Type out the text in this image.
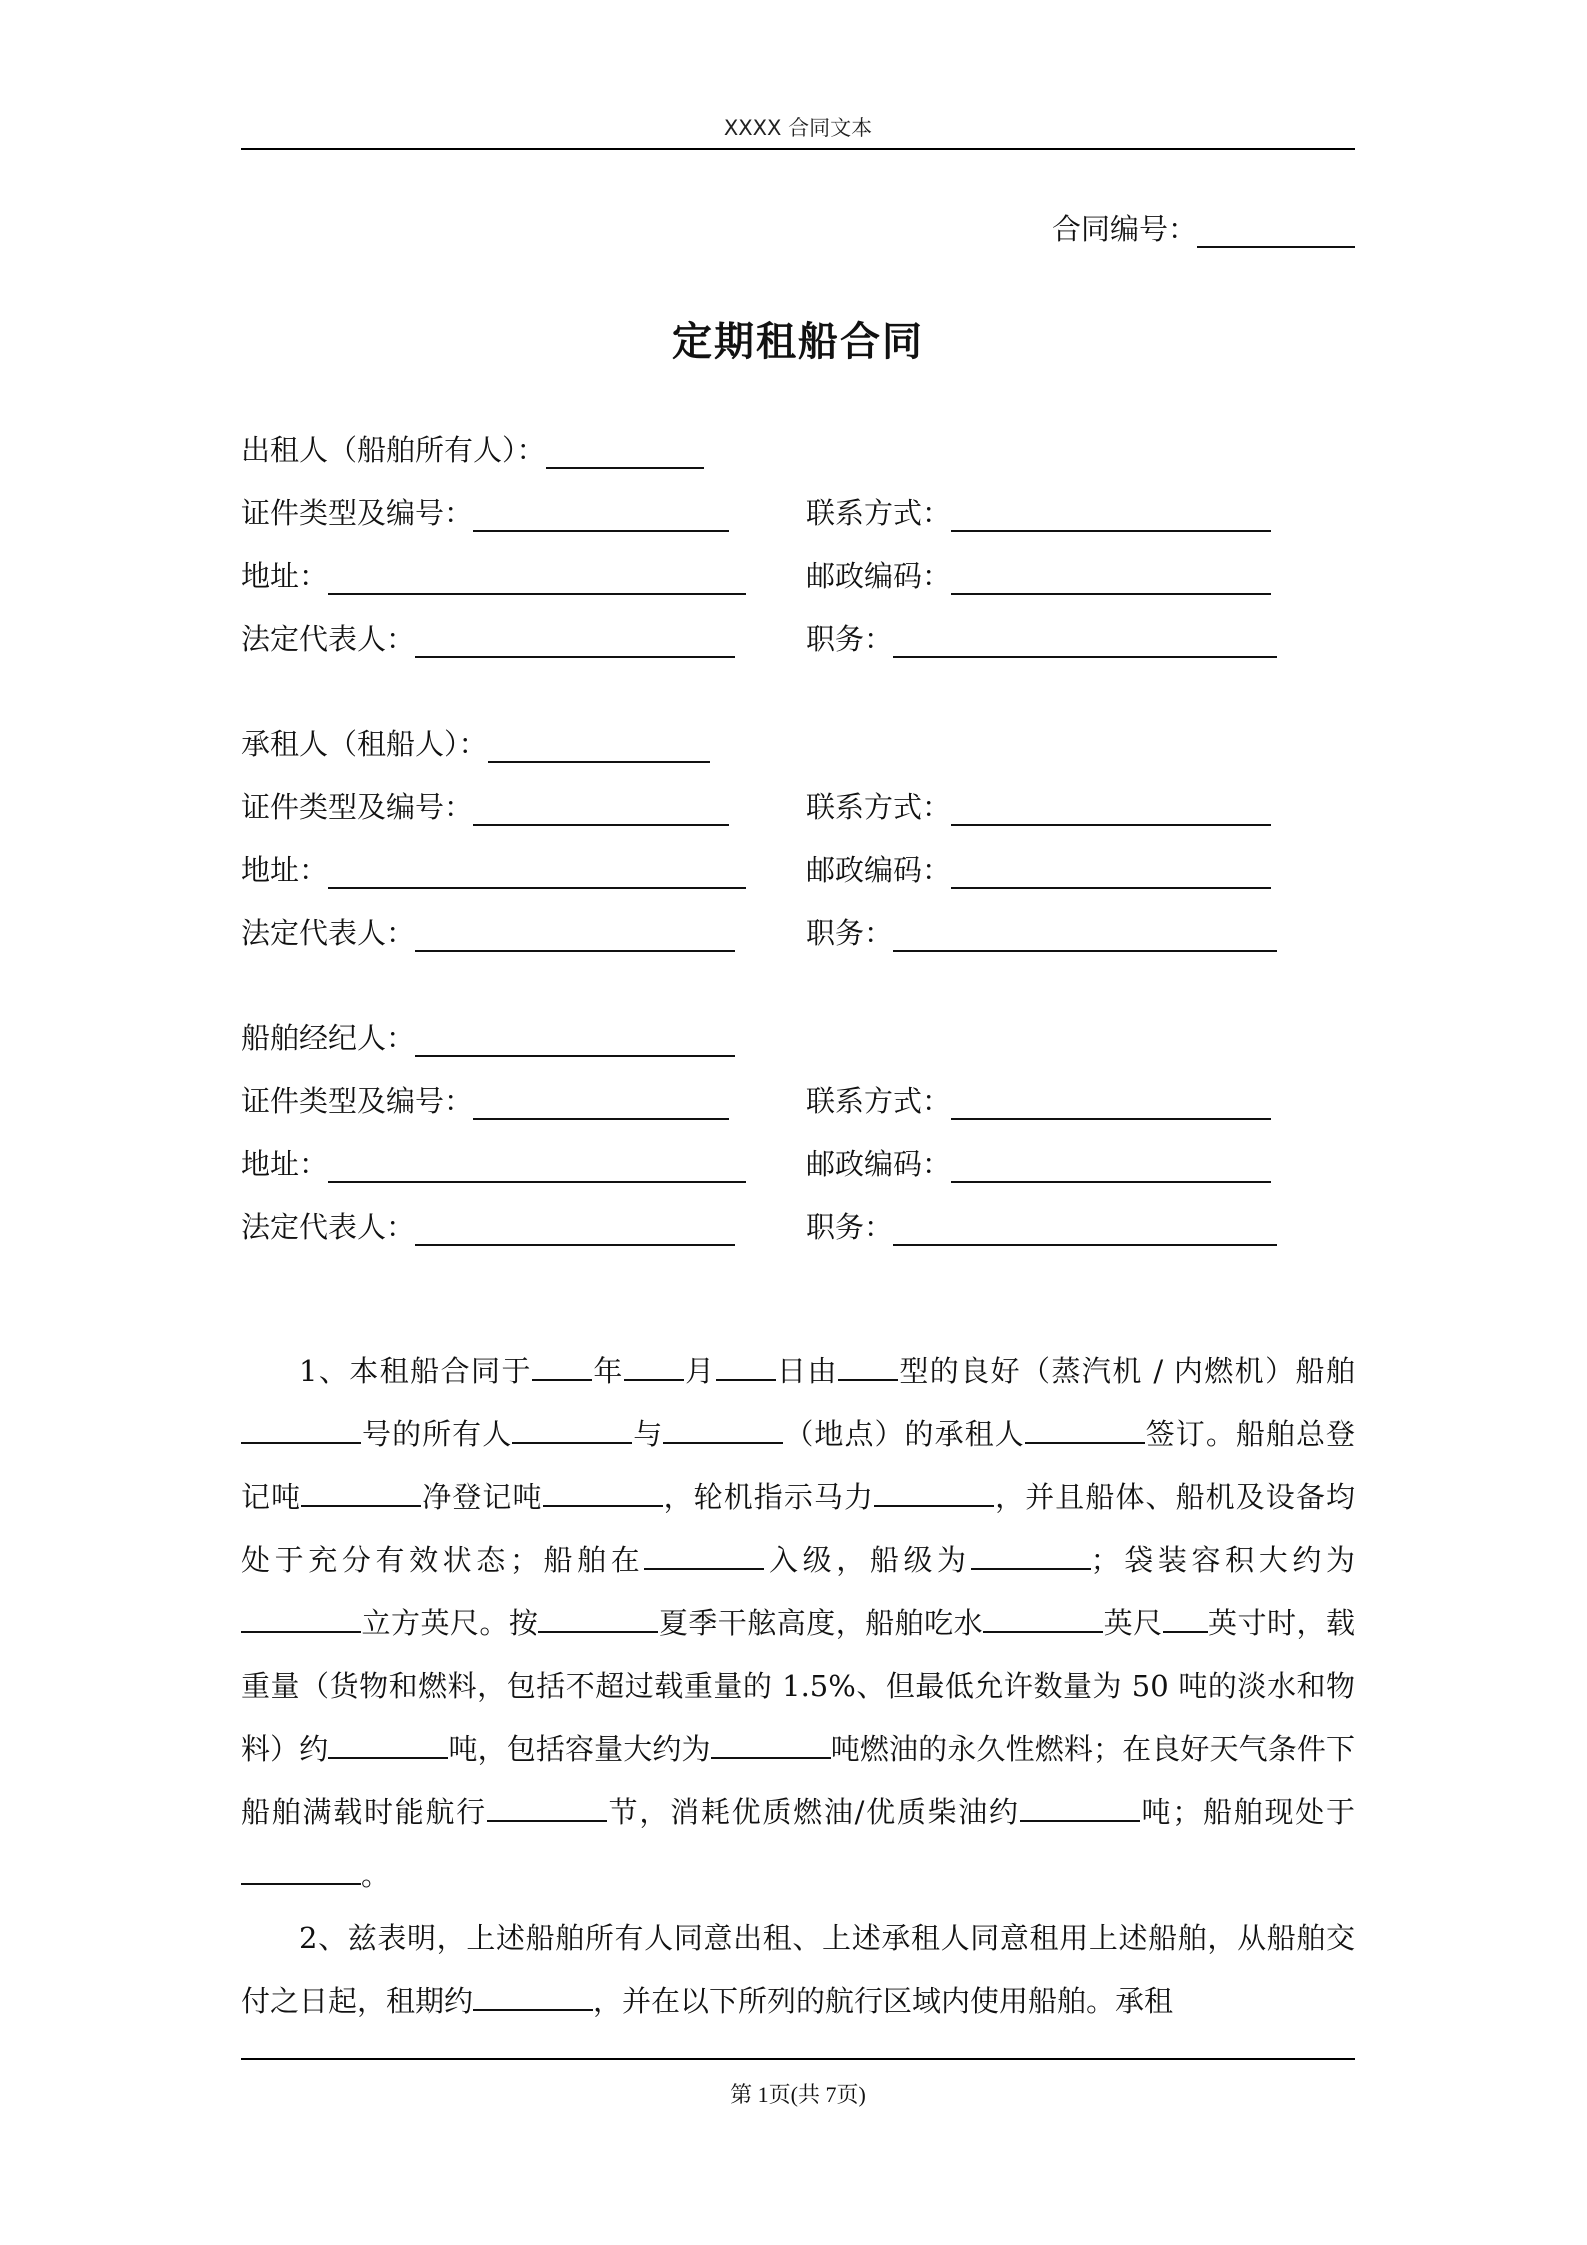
XXXX 合同文本
合同编号：
定期租船合同
出租人（船舶所有人）：
证件类型及编号：	联系方式：
地址：	邮政编码：
法定代表人：	职务：
承租人（租船人）：
证件类型及编号：	联系方式：
地址：	邮政编码：
法定代表人：	职务：
船舶经纪人：
证件类型及编号：	联系方式：
地址：	邮政编码：
法定代表人：	职务：

1、本租船合同于 年 月 日由 型的良好（蒸汽机 / 内燃机）船舶号的所有人	与	（地点）的承租人	签订。船舶总登记吨	净登记吨	，轮机指示马力	，并且船体、船机及设备均处于充分有效状态；船舶在	入级，船级为	；袋装容积大约为立方英尺。按	夏季干舷高度，船舶吃水	英尺 英寸时，载重量（货物和燃料，包括不超过载重量的 1.5%、但最低允许数量为 50 吨的淡水和物料）约	吨，包括容量大约为	吨燃油的永久性燃料；在良好天气条件下船舶满载时能航行	节，消耗优质燃油/优质柴油约	吨；船舶现处于。

2、兹表明，上述船舶所有人同意出租、上述承租人同意租用上述船舶，从船舶交付之日起，租期约	，并在以下所列的航行区域内使用船舶。承租

第 1页(共 7页)
